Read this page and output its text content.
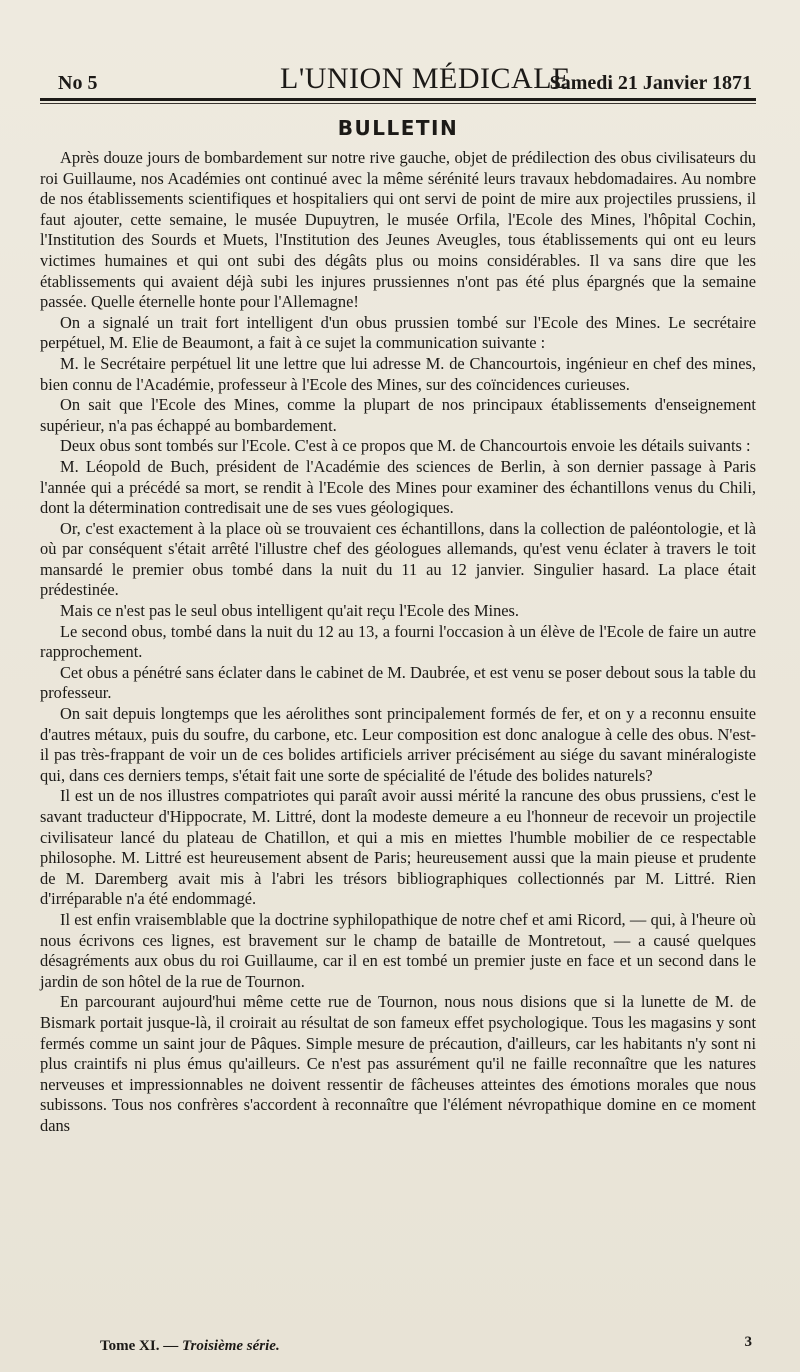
No 5	L'UNION MÉDICALE
Samedi 21 Janvier 1871
BULLETIN

Après douze jours de bombardement sur notre rive gauche, objet de prédilection des obus civilisateurs du roi Guillaume, nos Académies ont continué avec la même sérénité leurs travaux hebdomadaires. Au nombre de nos établissements scientifiques et hospitaliers qui ont servi de point de mire aux projectiles prussiens, il faut ajouter, cette semaine, le musée Dupuytren, le musée Orfila, l'Ecole des Mines, l'hôpital Cochin, l'Institution des Sourds et Muets, l'Institution des Jeunes Aveugles, tous établissements qui ont eu leurs victimes humaines et qui ont subi des dégâts plus ou moins considérables. Il va sans dire que les établissements qui avaient déjà subi les injures prussiennes n'ont pas été plus épargnés que la semaine passée. Quelle éternelle honte pour l'Allemagne!

On a signalé un trait fort intelligent d'un obus prussien tombé sur l'Ecole des Mines. Le secrétaire perpétuel, M. Elie de Beaumont, a fait à ce sujet la communication suivante :

M. le Secrétaire perpétuel lit une lettre que lui adresse M. de Chancourtois, ingénieur en chef des mines, bien connu de l'Académie, professeur à l'Ecole des Mines, sur des coïncidences curieuses.

On sait que l'Ecole des Mines, comme la plupart de nos principaux établissements d'enseignement supérieur, n'a pas échappé au bombardement.

Deux obus sont tombés sur l'Ecole. C'est à ce propos que M. de Chancourtois envoie les détails suivants :

M. Léopold de Buch, président de l'Académie des sciences de Berlin, à son dernier passage à Paris l'année qui a précédé sa mort, se rendit à l'Ecole des Mines pour examiner des échantillons venus du Chili, dont la détermination contredisait une de ses vues géologiques.

Or, c'est exactement à la place où se trouvaient ces échantillons, dans la collection de paléontologie, et là où par conséquent s'était arrêté l'illustre chef des géologues allemands, qu'est venu éclater à travers le toit mansardé le premier obus tombé dans la nuit du 11 au 12 janvier. Singulier hasard. La place était prédestinée.

Mais ce n'est pas le seul obus intelligent qu'ait reçu l'Ecole des Mines.

Le second obus, tombé dans la nuit du 12 au 13, a fourni l'occasion à un élève de l'Ecole de faire un autre rapprochement.

Cet obus a pénétré sans éclater dans le cabinet de M. Daubrée, et est venu se poser debout sous la table du professeur.

On sait depuis longtemps que les aérolithes sont principalement formés de fer, et on y a reconnu ensuite d'autres métaux, puis du soufre, du carbone, etc. Leur composition est donc analogue à celle des obus. N'est-il pas très-frappant de voir un de ces bolides artificiels arriver précisément au siége du savant minéralogiste qui, dans ces derniers temps, s'était fait une sorte de spécialité de l'étude des bolides naturels?

Il est un de nos illustres compatriotes qui paraît avoir aussi mérité la rancune des obus prussiens, c'est le savant traducteur d'Hippocrate, M. Littré, dont la modeste demeure a eu l'honneur de recevoir un projectile civilisateur lancé du plateau de Chatillon, et qui a mis en miettes l'humble mobilier de ce respectable philosophe. M. Littré est heureusement absent de Paris; heureusement aussi que la main pieuse et prudente de M. Daremberg avait mis à l'abri les trésors bibliographiques collectionnés par M. Littré. Rien d'irréparable n'a été endommagé.

Il est enfin vraisemblable que la doctrine syphilopathique de notre chef et ami Ricord, — qui, à l'heure où nous écrivons ces lignes, est bravement sur le champ de bataille de Montretout, — a causé quelques désagréments aux obus du roi Guillaume, car il en est tombé un premier juste en face et un second dans le jardin de son hôtel de la rue de Tournon.

En parcourant aujourd'hui même cette rue de Tournon, nous nous disions que si la lunette de M. de Bismark portait jusque-là, il croirait au résultat de son fameux effet psychologique. Tous les magasins y sont fermés comme un saint jour de Pâques. Simple mesure de précaution, d'ailleurs, car les habitants n'y sont ni plus craintifs ni plus émus qu'ailleurs. Ce n'est pas assurément qu'il ne faille reconnaître que les natures nerveuses et impressionnables ne doivent ressentir de fâcheuses atteintes des émotions morales que nous subissons. Tous nos confrères s'accordent à reconnaître que l'élément névropathique domine en ce moment dans

Tome XI. — Troisième série.	3
